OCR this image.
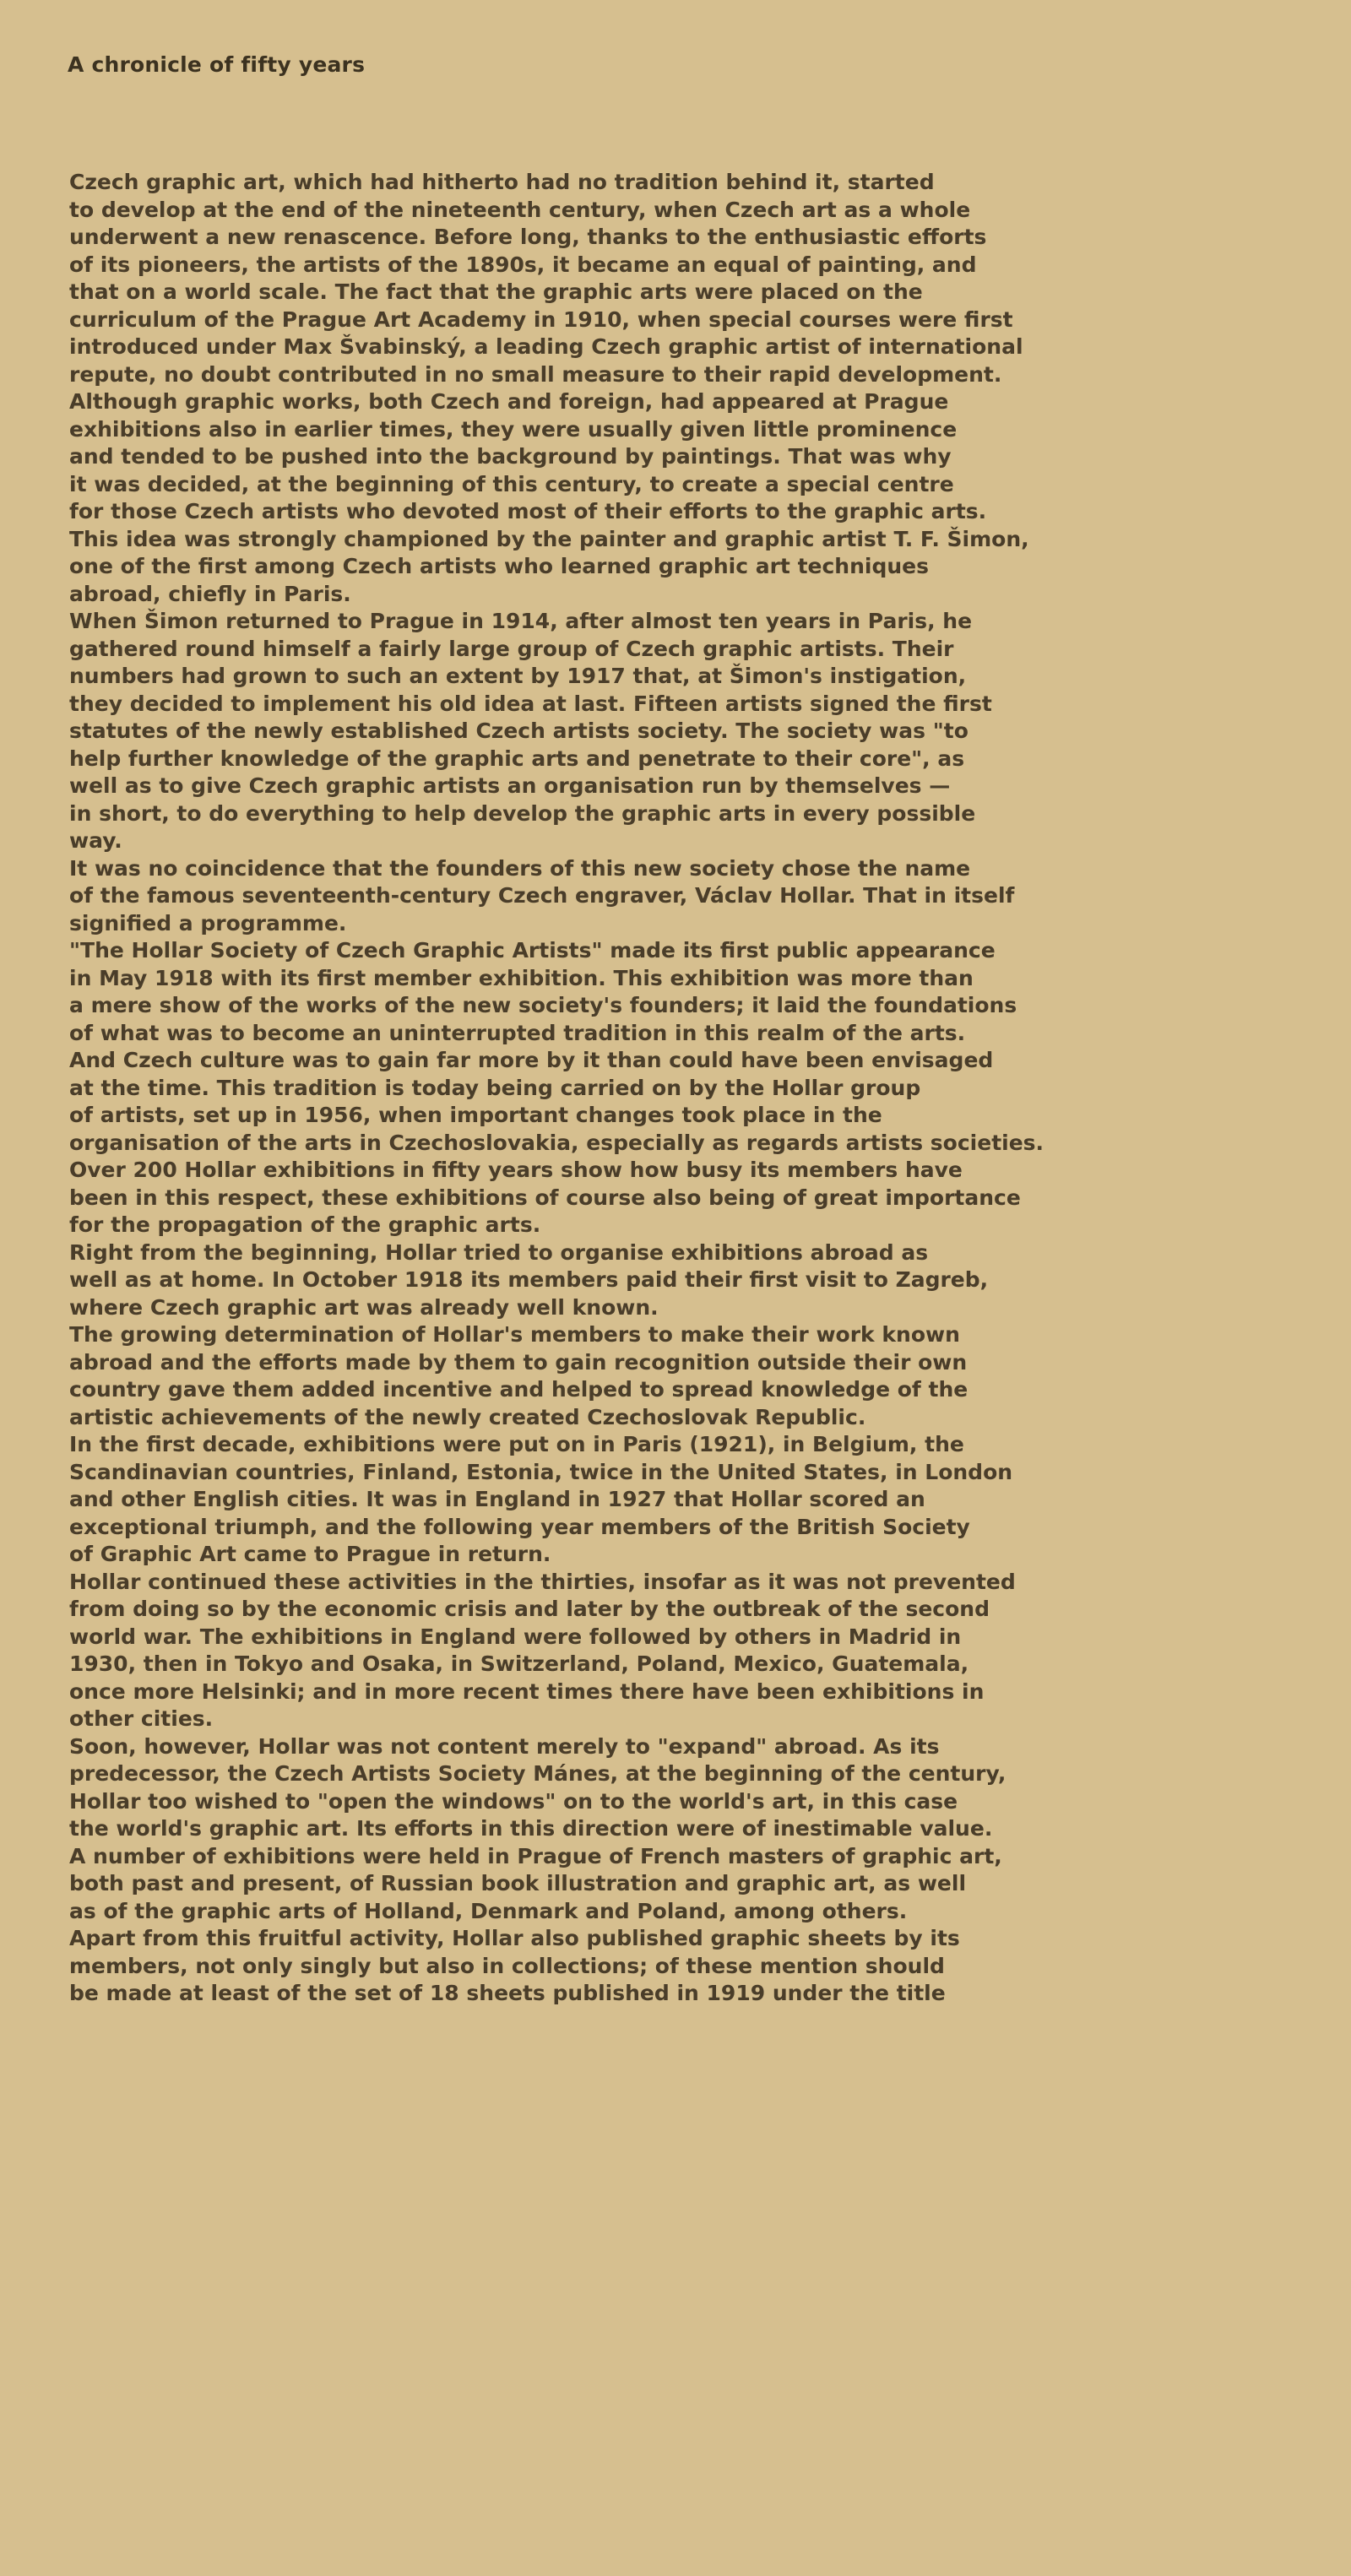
A chronicle of fifty years

Czech graphic art, which had hitherto had no tradition behind it, started
to develop at the end of the nineteenth century, when Czech art as a whole
underwent a new renascence. Before long, thanks to the enthusiastic efforts
of its pioneers, the artists of the 1890s, it became an equal of painting, and
that on a world scale. The fact that the graphic arts were placed on the
curriculum of the Prague Art Academy in 1910, when special courses were first
introduced under Max Švabinský, a leading Czech graphic artist of international
repute, no doubt contributed in no small measure to their rapid development.
Although graphic works, both Czech and foreign, had appeared at Prague
exhibitions also in earlier times, they were usually given little prominence
and tended to be pushed into the background by paintings. That was why
it was decided, at the beginning of this century, to create a special centre
for those Czech artists who devoted most of their efforts to the graphic arts.
This idea was strongly championed by the painter and graphic artist T. F. Šimon,
one of the first among Czech artists who learned graphic art techniques
abroad, chiefly in Paris.

When Šimon returned to Prague in 1914, after almost ten years in Paris, he
gathered round himself a fairly large group of Czech graphic artists. Their
numbers had grown to such an extent by 1917 that, at Šimon's instigation,
they decided to implement his old idea at last. Fifteen artists signed the first
statutes of the newly established Czech artists society. The society was "to
help further knowledge of the graphic arts and penetrate to their core", as
well as to give Czech graphic artists an organisation run by themselves —
in short, to do everything to help develop the graphic arts in every possible
way.

It was no coincidence that the founders of this new society chose the name
of the famous seventeenth-century Czech engraver, Václav Hollar. That in itself
signified a programme.

"The Hollar Society of Czech Graphic Artists" made its first public appearance
in May 1918 with its first member exhibition. This exhibition was more than
a mere show of the works of the new society's founders; it laid the foundations
of what was to become an uninterrupted tradition in this realm of the arts.
And Czech culture was to gain far more by it than could have been envisaged
at the time. This tradition is today being carried on by the Hollar group
of artists, set up in 1956, when important changes took place in the
organisation of the arts in Czechoslovakia, especially as regards artists societies.
Over 200 Hollar exhibitions in fifty years show how busy its members have
been in this respect, these exhibitions of course also being of great importance
for the propagation of the graphic arts.

Right from the beginning, Hollar tried to organise exhibitions abroad as
well as at home. In October 1918 its members paid their first visit to Zagreb,
where Czech graphic art was already well known.

The growing determination of Hollar's members to make their work known
abroad and the efforts made by them to gain recognition outside their own
country gave them added incentive and helped to spread knowledge of the
artistic achievements of the newly created Czechoslovak Republic.

In the first decade, exhibitions were put on in Paris (1921), in Belgium, the
Scandinavian countries, Finland, Estonia, twice in the United States, in London
and other English cities. It was in England in 1927 that Hollar scored an
exceptional triumph, and the following year members of the British Society
of Graphic Art came to Prague in return.

Hollar continued these activities in the thirties, insofar as it was not prevented
from doing so by the economic crisis and later by the outbreak of the second
world war. The exhibitions in England were followed by others in Madrid in
1930, then in Tokyo and Osaka, in Switzerland, Poland, Mexico, Guatemala,
once more Helsinki; and in more recent times there have been exhibitions in
other cities.

Soon, however, Hollar was not content merely to "expand" abroad. As its
predecessor, the Czech Artists Society Mánes, at the beginning of the century,
Hollar too wished to "open the windows" on to the world's art, in this case
the world's graphic art. Its efforts in this direction were of inestimable value.
A number of exhibitions were held in Prague of French masters of graphic art,
both past and present, of Russian book illustration and graphic art, as well
as of the graphic arts of Holland, Denmark and Poland, among others.

Apart from this fruitful activity, Hollar also published graphic sheets by its
members, not only singly but also in collections; of these mention should
be made at least of the set of 18 sheets published in 1919 under the title
